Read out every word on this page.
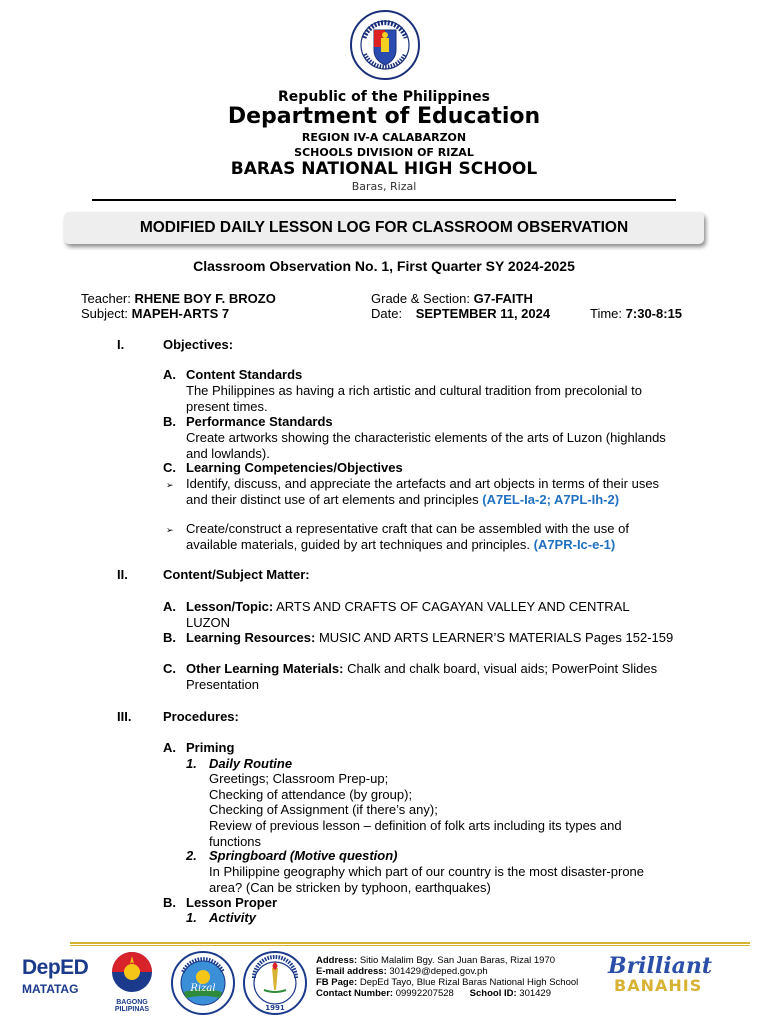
Republic of the Philippines
Department of Education
REGION IV-A CALABARZON
SCHOOLS DIVISION OF RIZAL
BARAS NATIONAL HIGH SCHOOL
Baras, Rizal
MODIFIED DAILY LESSON LOG FOR CLASSROOM OBSERVATION
Classroom Observation No. 1, First Quarter SY 2024-2025
Teacher: RHENE BOY F. BROZO
Subject: MAPEH-ARTS 7
Grade & Section: G7-FAITH
Date: SEPTEMBER 11, 2024	Time: 7:30-8:15
I.	Objectives:
A. Content Standards
The Philippines as having a rich artistic and cultural tradition from precolonial to present times.
B. Performance Standards
Create artworks showing the characteristic elements of the arts of Luzon (highlands and lowlands).
C. Learning Competencies/Objectives
➢ Identify, discuss, and appreciate the artefacts and art objects in terms of their uses and their distinct use of art elements and principles (A7EL-Ia-2; A7PL-Ih-2)
➢ Create/construct a representative craft that can be assembled with the use of available materials, guided by art techniques and principles. (A7PR-Ic-e-1)
II.	Content/Subject Matter:
A. Lesson/Topic: ARTS AND CRAFTS OF CAGAYAN VALLEY AND CENTRAL LUZON
B. Learning Resources: MUSIC AND ARTS LEARNER’S MATERIALS Pages 152-159
C. Other Learning Materials: Chalk and chalk board, visual aids; PowerPoint Slides Presentation
III. Procedures:
A. Priming
1. Daily Routine
Greetings; Classroom Prep-up;
Checking of attendance (by group);
Checking of Assignment (if there’s any);
Review of previous lesson – definition of folk arts including its types and functions
2. Springboard (Motive question)
In Philippine geography which part of our country is the most disaster-prone area? (Can be stricken by typhoon, earthquakes)
B. Lesson Proper
1. Activity
DepED
MATATAG
BAGONG PILIPINAS
Rizal
1991
Address: Sitio Malalim Bgy. San Juan Baras, Rizal 1970
E-mail address: 301429@deped.gov.ph
FB Page: DepEd Tayo, Blue Rizal Baras National High School
Contact Number: 09992207528 School ID: 301429
Brilliant
BANAHIS
